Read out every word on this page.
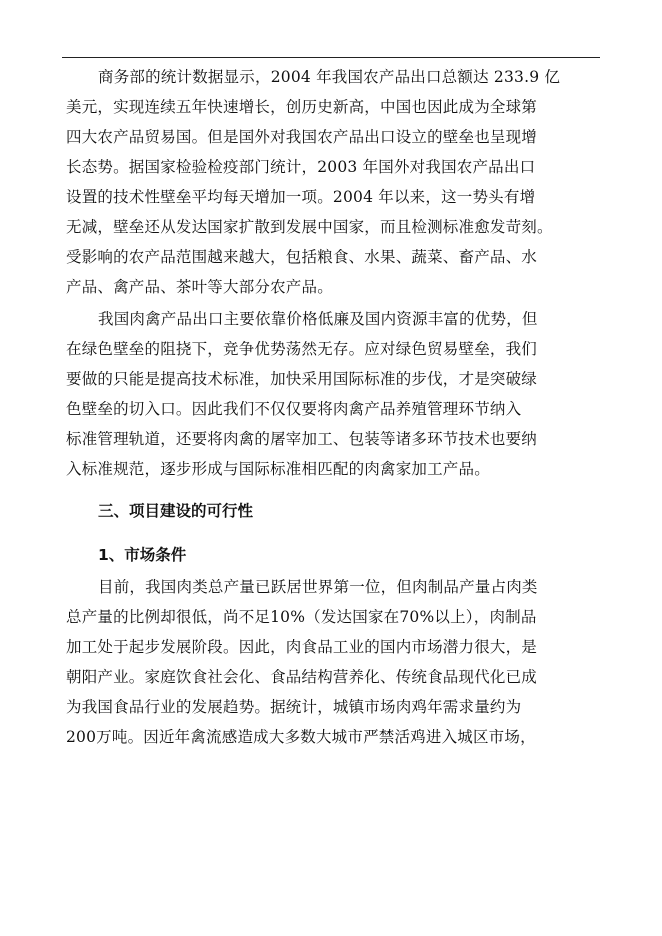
商务部的统计数据显示，2004 年我国农产品出口总额达 233.9 亿
美元，实现连续五年快速增长，创历史新高，中国也因此成为全球第
四大农产品贸易国。但是国外对我国农产品出口设立的壁垒也呈现增
长态势。据国家检验检疫部门统计，2003 年国外对我国农产品出口
设置的技术性壁垒平均每天增加一项。2004 年以来，这一势头有增
无减，壁垒还从发达国家扩散到发展中国家，而且检测标准愈发苛刻。
受影响的农产品范围越来越大，包括粮食、水果、蔬菜、畜产品、水
产品、禽产品、茶叶等大部分农产品。
我国肉禽产品出口主要依靠价格低廉及国内资源丰富的优势，但
在绿色壁垒的阻挠下，竞争优势荡然无存。应对绿色贸易壁垒，我们
要做的只能是提高技术标准，加快采用国际标准的步伐，才是突破绿
色壁垒的切入口。因此我们不仅仅要将肉禽产品养殖管理环节纳入
标准管理轨道，还要将肉禽的屠宰加工、包装等诸多环节技术也要纳
入标准规范，逐步形成与国际标准相匹配的肉禽家加工产品。
三、项目建设的可行性
1、市场条件
目前，我国肉类总产量已跃居世界第一位，但肉制品产量占肉类
总产量的比例却很低，尚不足10%（发达国家在70%以上），肉制品
加工处于起步发展阶段。因此，肉食品工业的国内市场潜力很大，是
朝阳产业。家庭饮食社会化、食品结构营养化、传统食品现代化已成
为我国食品行业的发展趋势。据统计，城镇市场肉鸡年需求量约为
200万吨。因近年禽流感造成大多数大城市严禁活鸡进入城区市场，
